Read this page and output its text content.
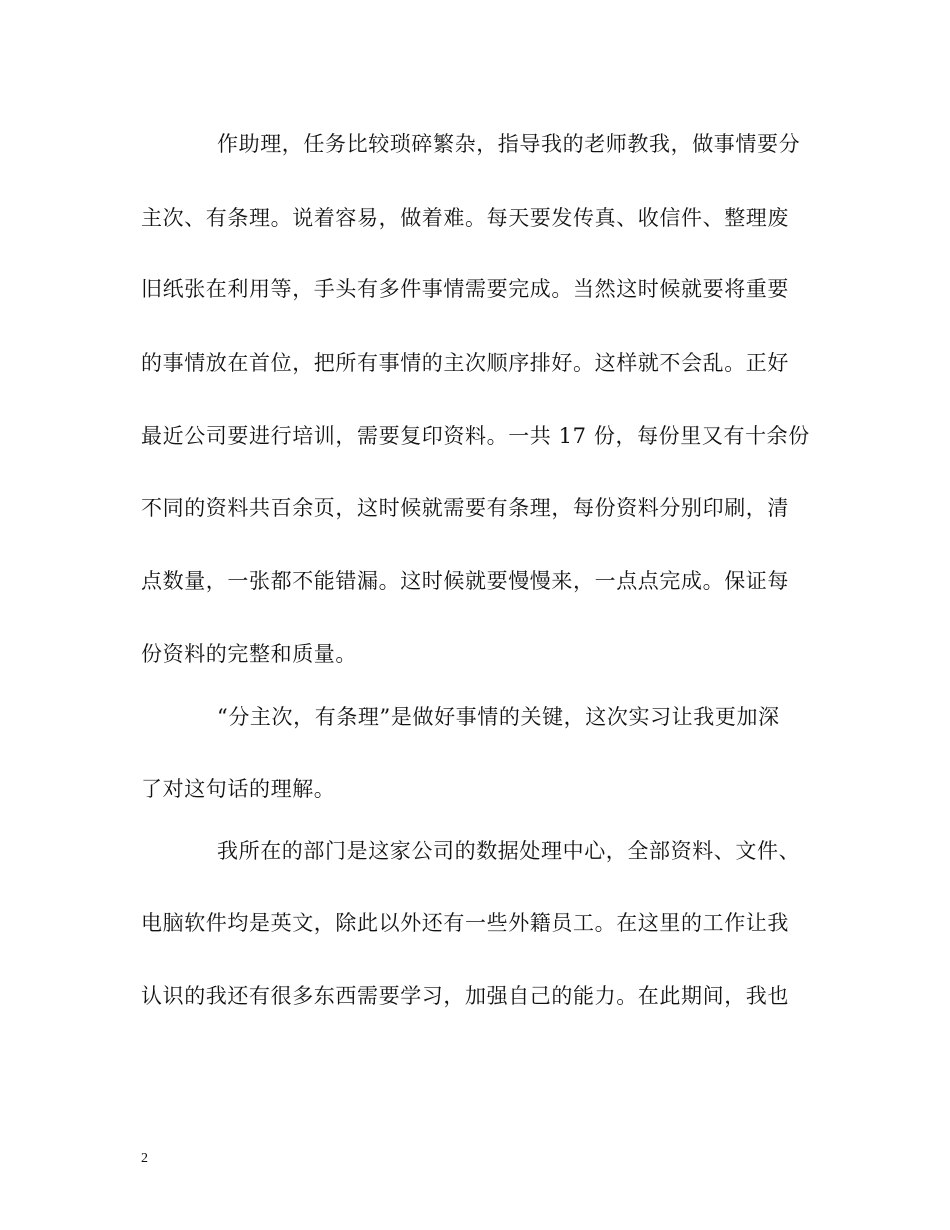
作助理，任务比较琐碎繁杂，指导我的老师教我，做事情要分
主次、有条理。说着容易，做着难。每天要发传真、收信件、整理废
旧纸张在利用等，手头有多件事情需要完成。当然这时候就要将重要
的事情放在首位，把所有事情的主次顺序排好。这样就不会乱。正好
最近公司要进行培训，需要复印资料。一共 17 份，每份里又有十余份
不同的资料共百余页，这时候就需要有条理，每份资料分别印刷，清
点数量，一张都不能错漏。这时候就要慢慢来，一点点完成。保证每
份资料的完整和质量。
“分主次，有条理”是做好事情的关键，这次实习让我更加深
了对这句话的理解。
我所在的部门是这家公司的数据处理中心，全部资料、文件、
电脑软件均是英文，除此以外还有一些外籍员工。在这里的工作让我
认识的我还有很多东西需要学习，加强自己的能力。在此期间，我也
2
